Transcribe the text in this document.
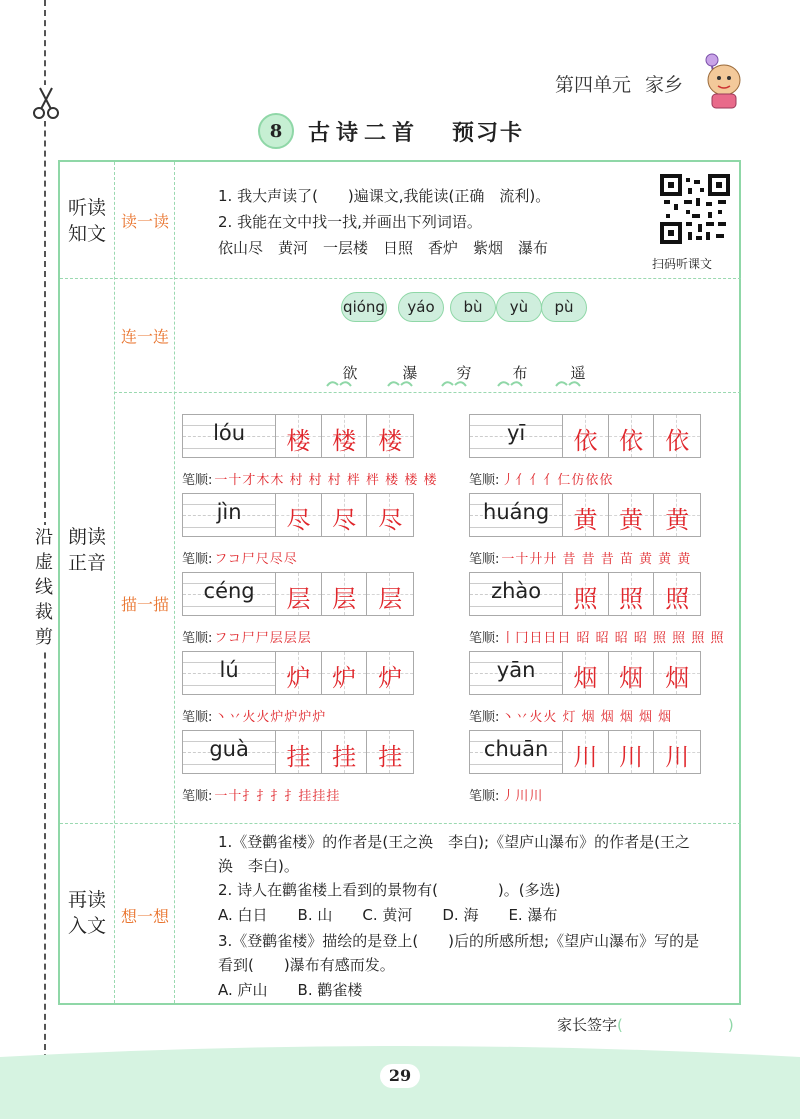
沿
虚
线
裁
剪
第四单元 家乡
8	古诗二首 预习卡
听读
知文
读一读
1. 我大声读了(　　)遍课文,我能读(正确　流利)。
2. 我能在文中找一找,并画出下列词语。
依山尽　黄河　一层楼　日照　香炉　紫烟　瀑布
扫码听课文
连一连
qióng	yáo	bù	yù	pù
欲	瀑	穷	布	遥
朗读
正音
描一描
lóu	楼 楼 楼
笔顺: 一十才木木 村 村 村 柈 柈 楼 楼 楼
jìn	尽 尽 尽
笔顺: フコ尸尺尽尽
céng	层 层 层
笔顺: フコ尸尸层层层
lú	炉 炉 炉
笔顺: 丶丷火火炉炉炉炉
guà	挂 挂 挂
笔顺: 一十扌扌扌扌挂挂挂
yī	依 依 依
笔顺: 丿亻亻亻仁仿依依
huáng	黄 黄 黄
笔顺: 一十廾廾 昔 昔 昔 苗 黄 黄 黄
zhào	照 照 照
笔顺: 丨冂日日日 昭 昭 昭 昭 照 照 照 照
yān	烟 烟 烟
笔顺: 丶丷火火 灯 烟 烟 烟 烟 烟
chuān	川 川 川
笔顺: 丿川川
再读
入文 想一想
1.《登鹳雀楼》的作者是(王之涣　李白);《望庐山瀑布》的作者是(王之
涣　李白)。
2. 诗人在鹳雀楼上看到的景物有(　　　　)。(多选)
A. 白日　　B. 山　　C. 黄河　　D. 海　　E. 瀑布
3.《登鹳雀楼》描绘的是登上(　　)后的所感所想;《望庐山瀑布》写的是
看到(　　)瀑布有感而发。
A. 庐山　　B. 鹳雀楼
家长签字(　　　　　　　)
29
